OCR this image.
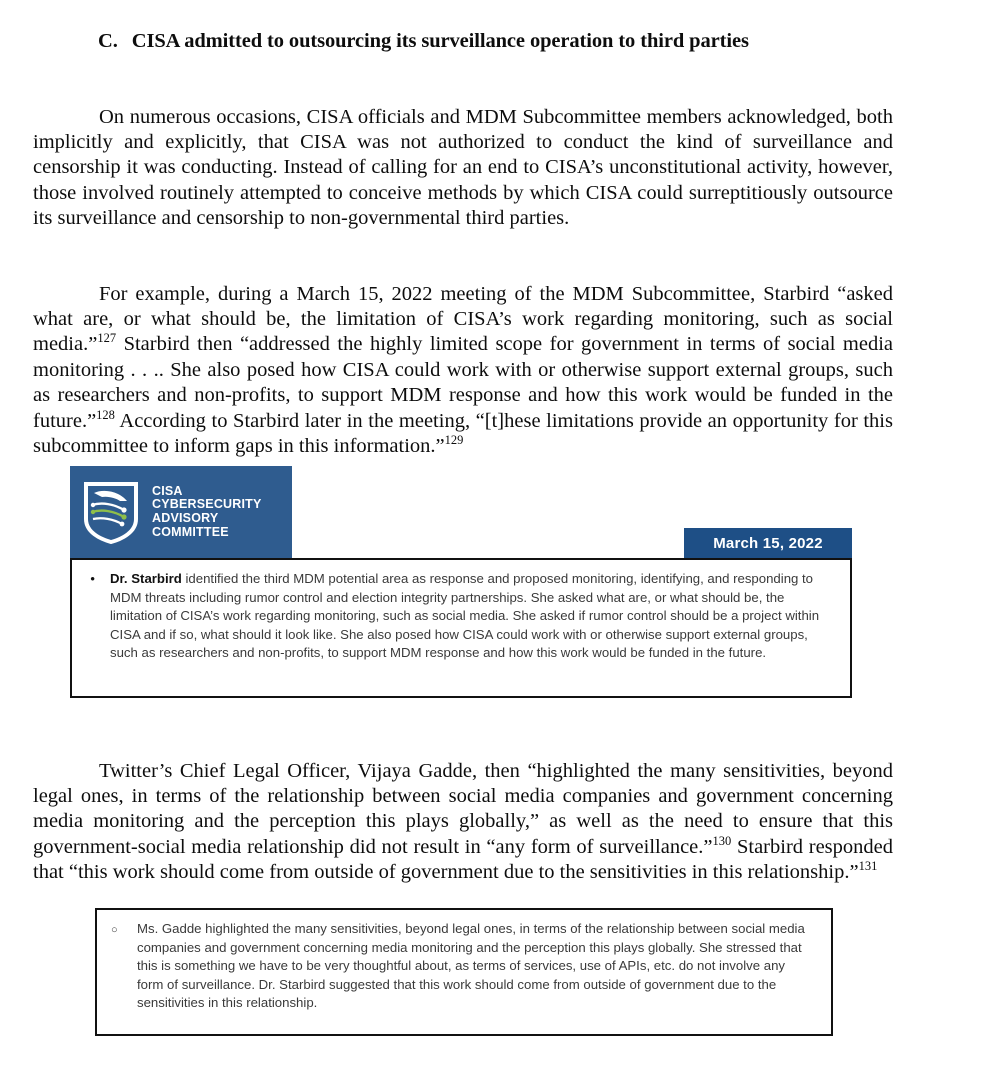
C. CISA admitted to outsourcing its surveillance operation to third parties

On numerous occasions, CISA officials and MDM Subcommittee members acknowledged, both implicitly and explicitly, that CISA was not authorized to conduct the kind of surveillance and censorship it was conducting. Instead of calling for an end to CISA’s unconstitutional activity, however, those involved routinely attempted to conceive methods by which CISA could surreptitiously outsource its surveillance and censorship to non-governmental third parties.

For example, during a March 15, 2022 meeting of the MDM Subcommittee, Starbird “asked what are, or what should be, the limitation of CISA’s work regarding monitoring, such as social media.”$^{127}$ Starbird then “addressed the highly limited scope for government in terms of social media monitoring . . .. She also posed how CISA could work with or otherwise support external groups, such as researchers and non-profits, to support MDM response and how this work would be funded in the future.”$^{128}$ According to Starbird later in the meeting, “[t]hese limitations provide an opportunity for this subcommittee to inform gaps in this information.”$^{129}$

CISA
CYBERSECURITY
ADVISORY
COMMITTEE
March 15, 2022
•	Dr. Starbird identified the third MDM potential area as response and proposed monitoring, identifying, and responding to MDM threats including rumor control and election integrity partnerships. She asked what are, or what should be, the limitation of CISA’s work regarding monitoring, such as social media. She asked if rumor control should be a project within CISA and if so, what should it look like. She also posed how CISA could work with or otherwise support external groups, such as researchers and non-profits, to support MDM response and how this work would be funded in the future.

Twitter’s Chief Legal Officer, Vijaya Gadde, then “highlighted the many sensitivities, beyond legal ones, in terms of the relationship between social media companies and government concerning media monitoring and the perception this plays globally,” as well as the need to ensure that this government-social media relationship did not result in “any form of surveillance.”$^{130}$ Starbird responded that “this work should come from outside of government due to the sensitivities in this relationship.”$^{131}$

○	Ms. Gadde highlighted the many sensitivities, beyond legal ones, in terms of the relationship between social media companies and government concerning media monitoring and the perception this plays globally. She stressed that this is something we have to be very thoughtful about, as terms of services, use of APIs, etc. do not involve any form of surveillance. Dr. Starbird suggested that this work should come from outside of government due to the sensitivities in this relationship.
